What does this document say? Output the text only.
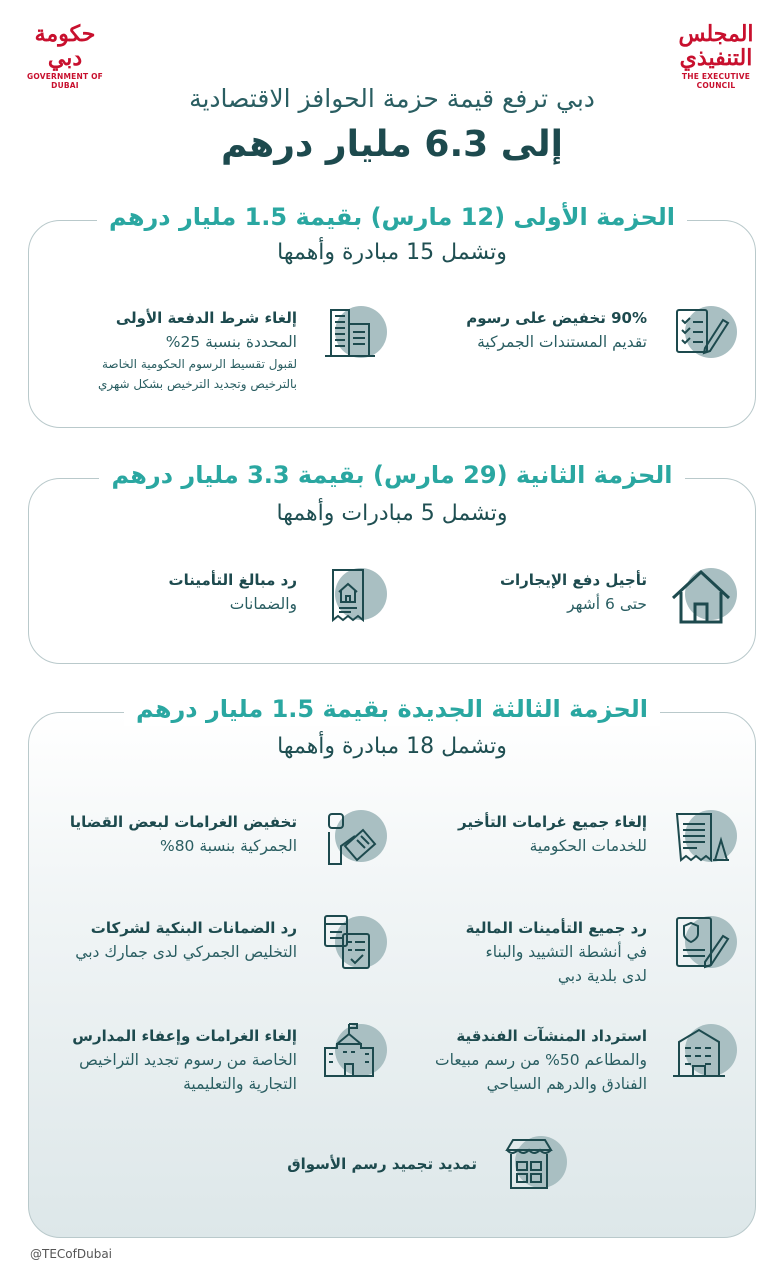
حكومة دبي
GOVERNMENT OF DUBAI
المجلس التنفيذي
THE EXECUTIVE COUNCIL
دبي ترفع قيمة حزمة الحوافز الاقتصادية
إلى 6.3 مليار درهم
الحزمة الأولى (12 مارس) بقيمة 1.5 مليار درهم
وتشمل 15 مبادرة وأهمها
الحزمة الثانية (29 مارس) بقيمة 3.3 مليار درهم
وتشمل 5 مبادرات وأهمها
الحزمة الثالثة الجديدة بقيمة 1.5 مليار درهم
وتشمل 18 مبادرة وأهمها
90% تخفيض على رسوم
تقديم المستندات الجمركية
إلغاء شرط الدفعة الأولى
المحددة بنسبة 25%
لقبول تقسيط الرسوم الحكومية الخاصة
بالترخيص وتجديد الترخيص بشكل شهري
تأجيل دفع الإيجارات
حتى 6 أشهر
رد مبالغ التأمينات
والضمانات
إلغاء جميع غرامات التأخير
للخدمات الحكومية
تخفيض الغرامات لبعض القضايا
الجمركية بنسبة 80%
رد جميع التأمينات المالية
في أنشطة التشييد والبناء
لدى بلدية دبي
رد الضمانات البنكية لشركات
التخليص الجمركي لدى جمارك دبي
استرداد المنشآت الفندقية
والمطاعم 50% من رسم مبيعات
الفنادق والدرهم السياحي
إلغاء الغرامات وإعفاء المدارس
الخاصة من رسوم تجديد التراخيص
التجارية والتعليمية
تمديد تجميد رسم الأسواق
@TECofDubai
